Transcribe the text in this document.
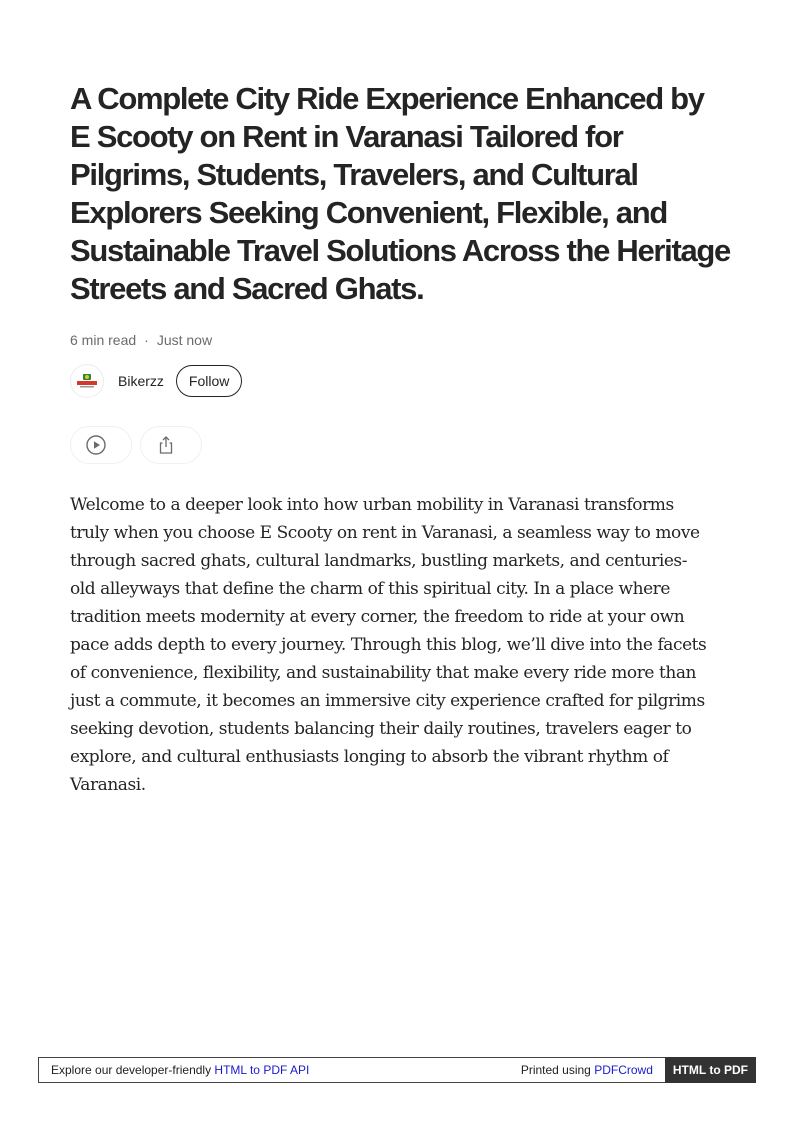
A Complete City Ride Experience Enhanced by E Scooty on Rent in Varanasi Tailored for Pilgrims, Students, Travelers, and Cultural Explorers Seeking Convenient, Flexible, and Sustainable Travel Solutions Across the Heritage Streets and Sacred Ghats.
6 min read · Just now
Bikerzz	Follow

Welcome to a deeper look into how urban mobility in Varanasi transforms truly when you choose E Scooty on rent in Varanasi, a seamless way to move through sacred ghats, cultural landmarks, bustling markets, and centuries-old alleyways that define the charm of this spiritual city. In a place where tradition meets modernity at every corner, the freedom to ride at your own pace adds depth to every journey. Through this blog, we’ll dive into the facets of convenience, flexibility, and sustainability that make every ride more than just a commute, it becomes an immersive city experience crafted for pilgrims seeking devotion, students balancing their daily routines, travelers eager to explore, and cultural enthusiasts longing to absorb the vibrant rhythm of Varanasi.

Explore our developer-friendly HTML to PDF API	Printed using PDFCrowd	HTML to PDF
